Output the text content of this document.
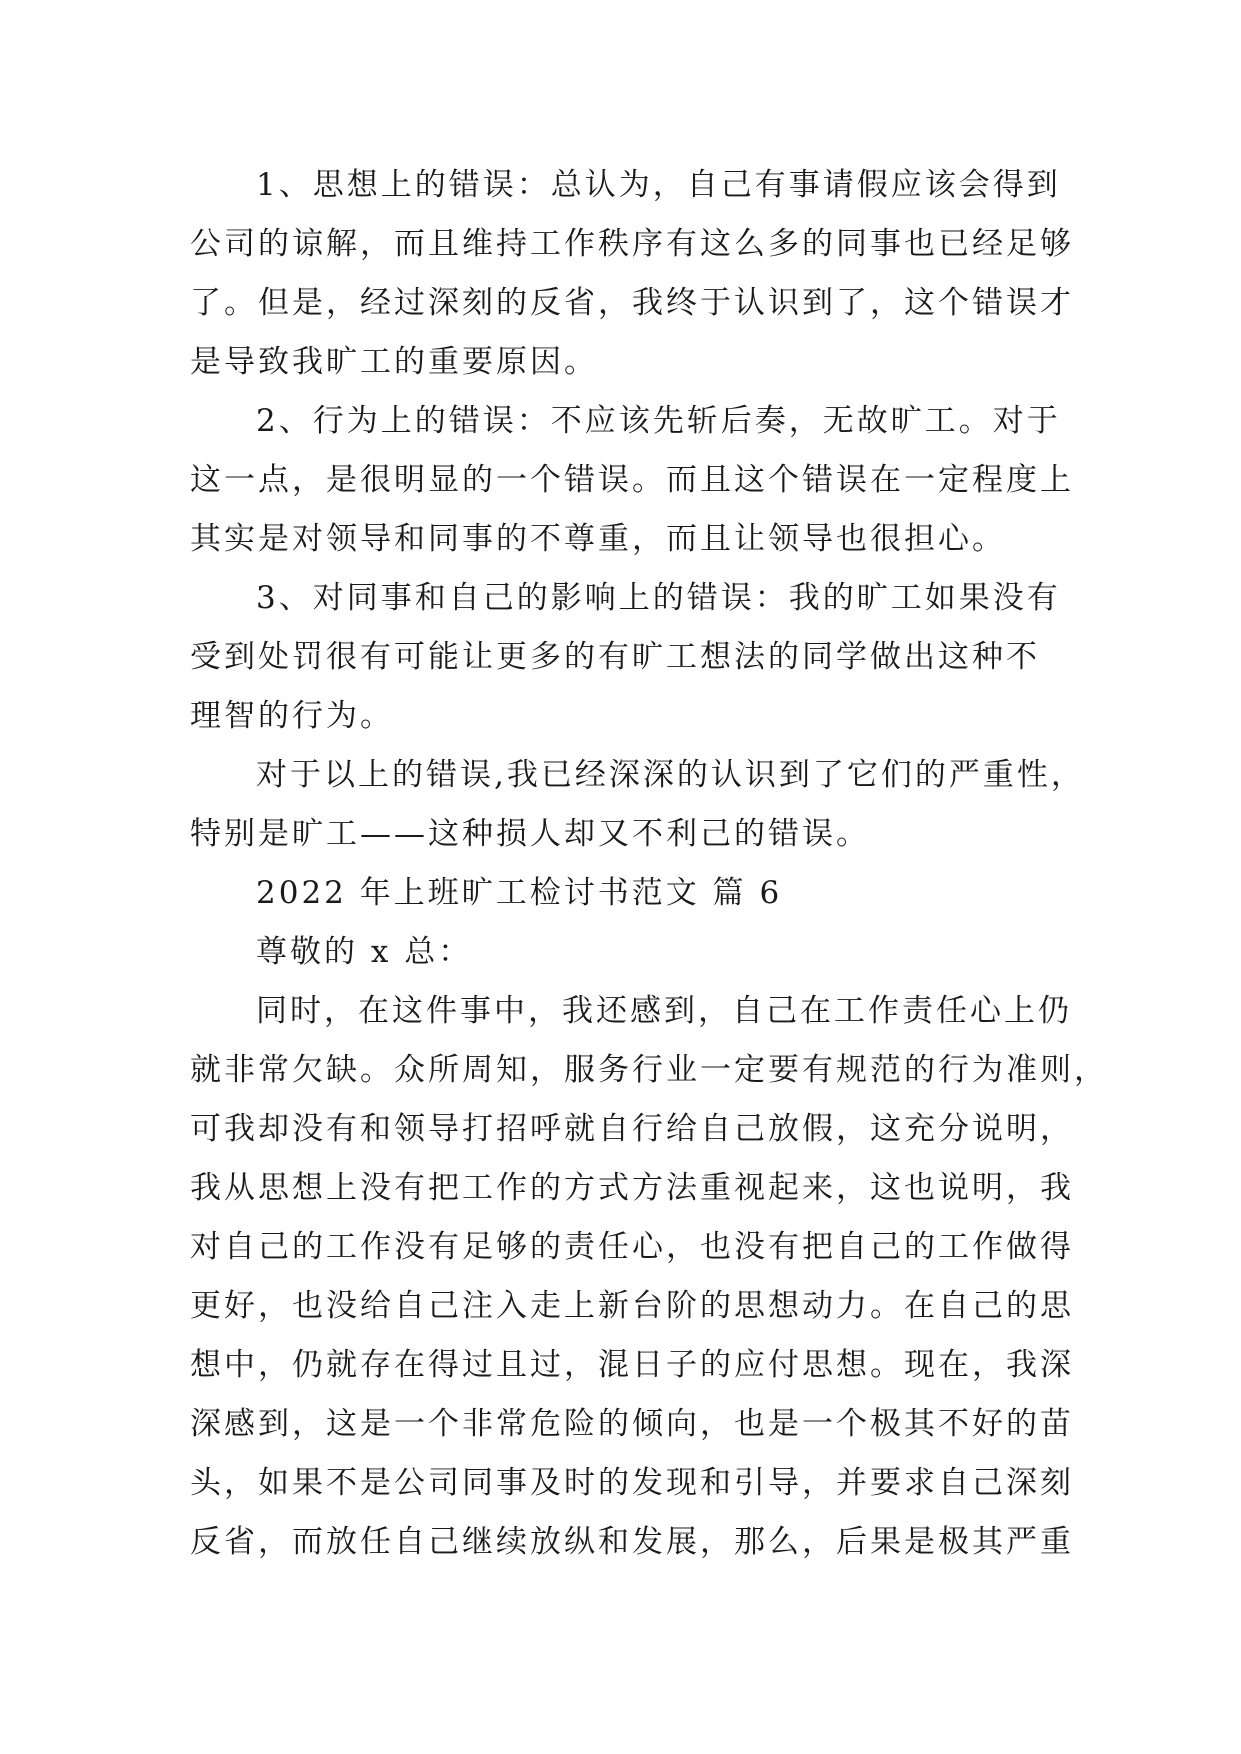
1、思想上的错误：总认为，自己有事请假应该会得到
公司的谅解，而且维持工作秩序有这么多的同事也已经足够
了。但是，经过深刻的反省，我终于认识到了，这个错误才
是导致我旷工的重要原因。
2、行为上的错误：不应该先斩后奏，无故旷工。对于
这一点，是很明显的一个错误。而且这个错误在一定程度上
其实是对领导和同事的不尊重，而且让领导也很担心。
3、对同事和自己的影响上的错误：我的旷工如果没有
受到处罚很有可能让更多的有旷工想法的同学做出这种不
理智的行为。
对于以上的错误,我已经深深的认识到了它们的严重性，
特别是旷工——这种损人却又不利己的错误。
2022 年上班旷工检讨书范文 篇 6
尊敬的 x 总：
同时，在这件事中，我还感到，自己在工作责任心上仍
就非常欠缺。众所周知，服务行业一定要有规范的行为准则，
可我却没有和领导打招呼就自行给自己放假，这充分说明，
我从思想上没有把工作的方式方法重视起来，这也说明，我
对自己的工作没有足够的责任心，也没有把自己的工作做得
更好，也没给自己注入走上新台阶的思想动力。在自己的思
想中，仍就存在得过且过，混日子的应付思想。现在，我深
深感到，这是一个非常危险的倾向，也是一个极其不好的苗
头，如果不是公司同事及时的发现和引导，并要求自己深刻
反省，而放任自己继续放纵和发展，那么，后果是极其严重
